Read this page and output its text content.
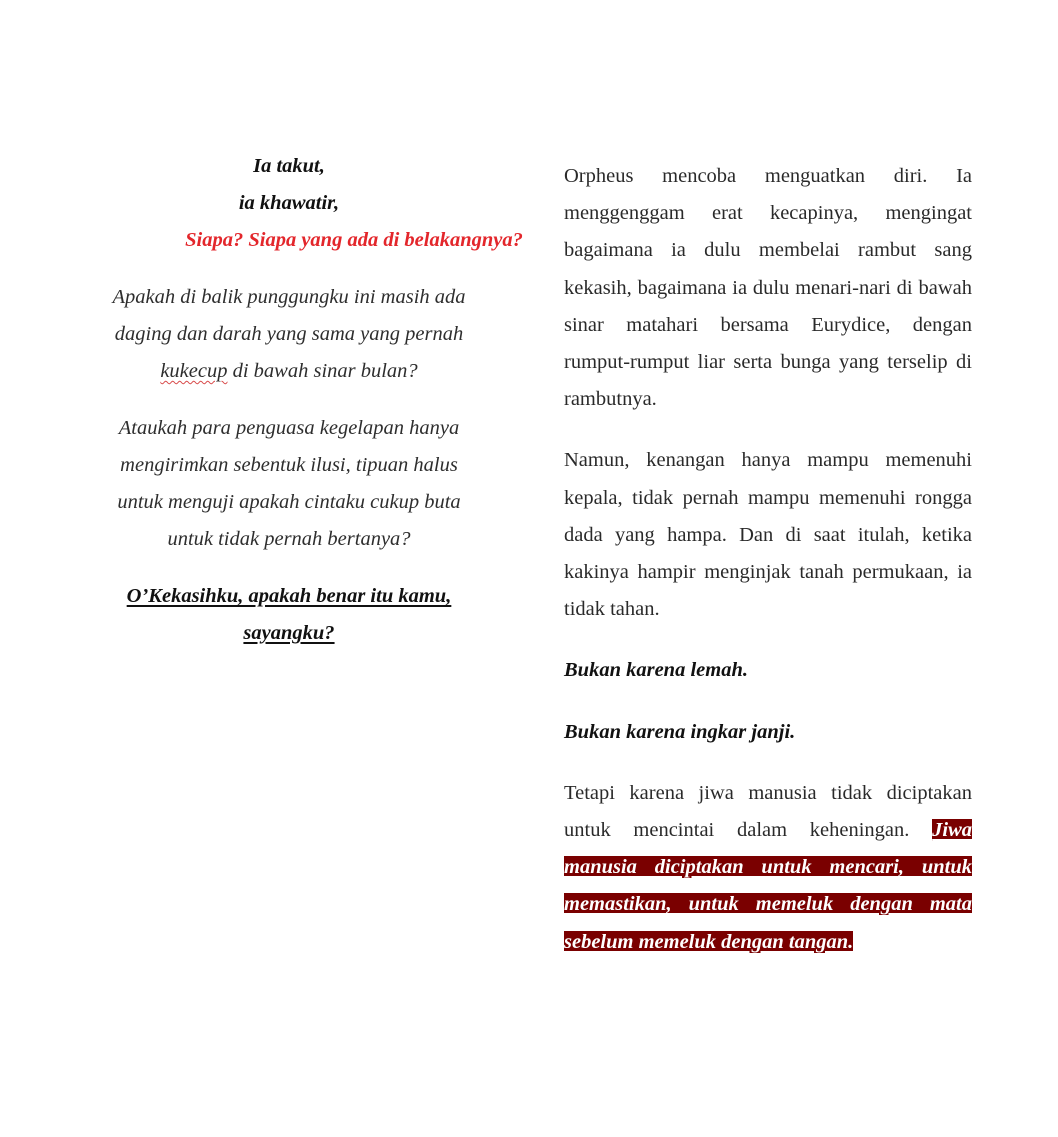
Ia takut,
ia khawatir,
Siapa? Siapa yang ada di belakangnya?

Apakah di balik punggungku ini masih ada
daging dan darah yang sama yang pernah
kukecup di bawah sinar bulan?

Ataukah para penguasa kegelapan hanya
mengirimkan sebentuk ilusi, tipuan halus
untuk menguji apakah cintaku cukup buta
untuk tidak pernah bertanya?

O’Kekasihku, apakah benar itu kamu,
sayangku?

Orpheus mencoba menguatkan diri. Ia menggenggam erat kecapinya, mengingat bagaimana ia dulu membelai rambut sang kekasih, bagaimana ia dulu menari-nari di bawah sinar matahari bersama Eurydice, dengan rumput-rumput liar serta bunga yang terselip di rambutnya.

Namun, kenangan hanya mampu memenuhi kepala, tidak pernah mampu memenuhi rongga dada yang hampa. Dan di saat itulah, ketika kakinya hampir menginjak tanah permukaan, ia tidak tahan.

Bukan karena lemah.

Bukan karena ingkar janji.

Tetapi karena jiwa manusia tidak diciptakan untuk mencintai dalam keheningan. Jiwa manusia diciptakan untuk mencari, untuk memastikan, untuk memeluk dengan mata sebelum memeluk dengan tangan.
